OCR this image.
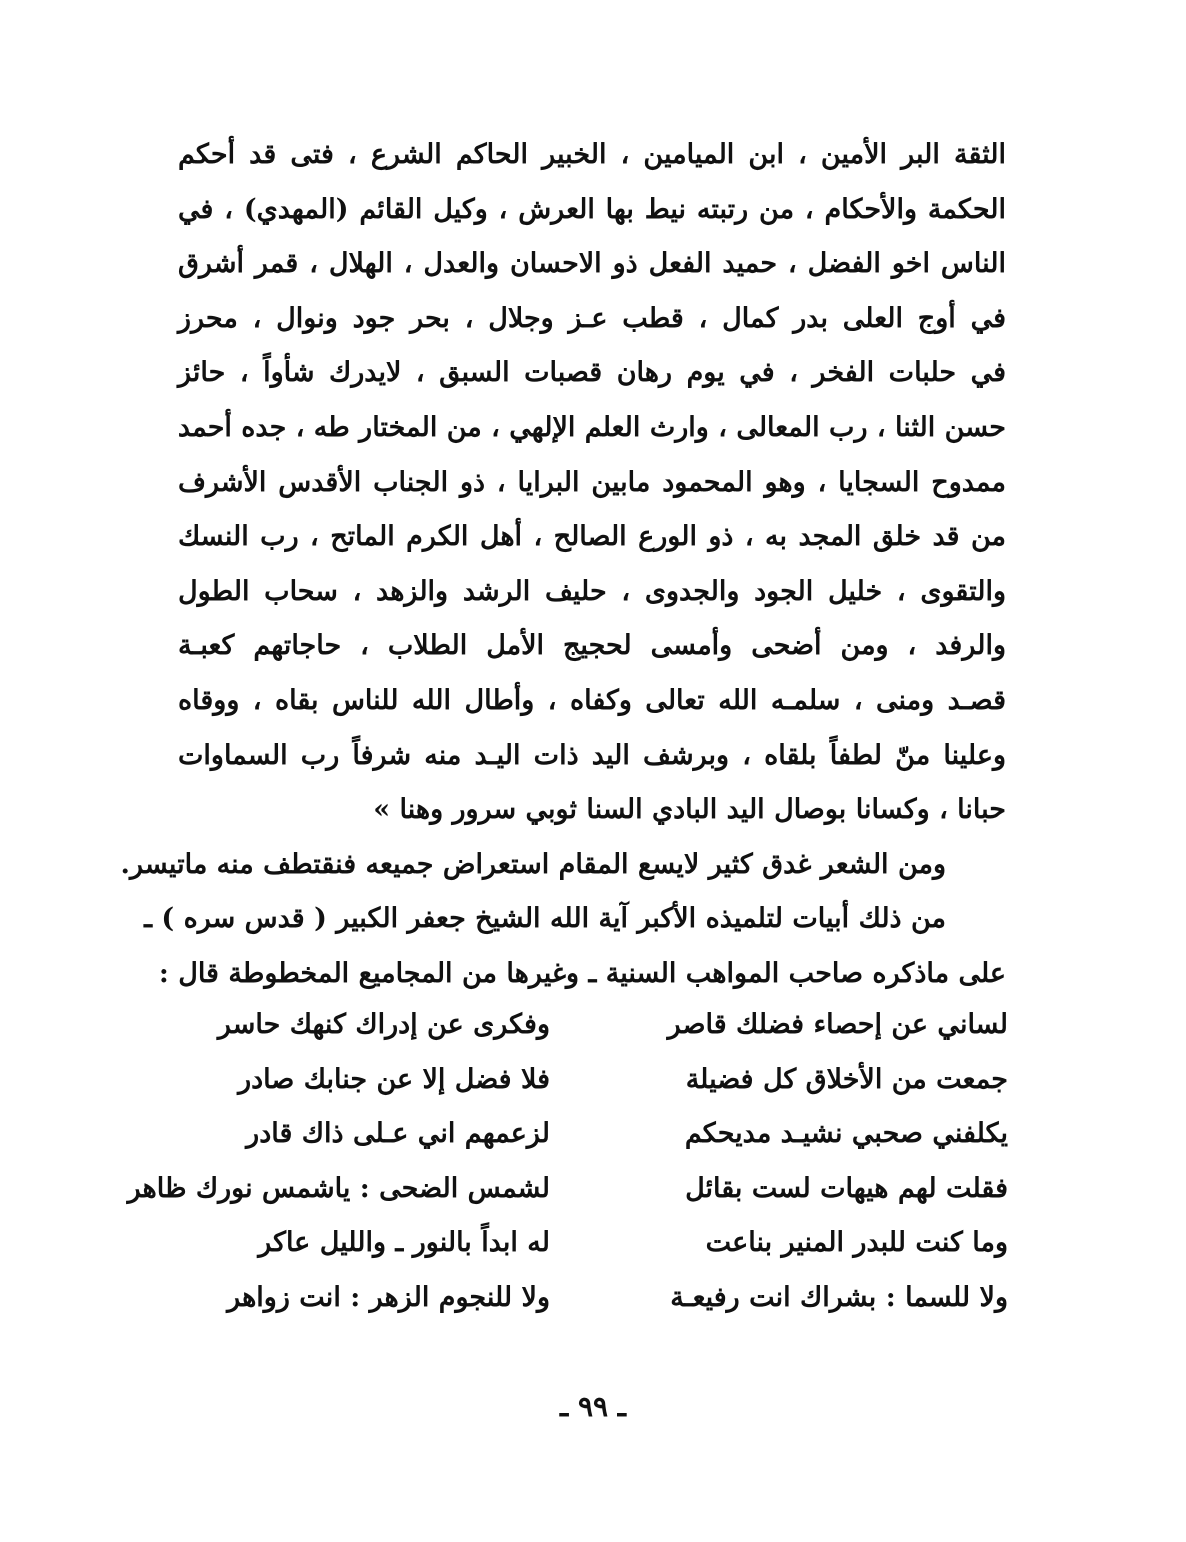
الثقة البر الأمين ، ابن الميامين ، الخبير الحاكم الشرع ، فتى قد أحكم
الحكمة والأحكام ، من رتبته نيط بها العرش ، وكيل القائم (المهدي) ، في
الناس اخو الفضل ، حميد الفعل ذو الاحسان والعدل ، الهلال ، قمر أشرق
في أوج العلى بدر كمال ، قطب عـز وجلال ، بحر جود ونوال ، محرز
في حلبات الفخر ، في يوم رهان قصبات السبق ، لايدرك شأواً ، حائز
حسن الثنا ، رب المعالى ، وارث العلم الإلهي ، من المختار طه ، جده أحمد
ممدوح السجايا ، وهو المحمود مابين البرايا ، ذو الجناب الأقدس الأشرف
من قد خلق المجد به ، ذو الورع الصالح ، أهل الكرم الماتح ، رب النسك
والتقوى ، خليل الجود والجدوى ، حليف الرشد والزهد ، سحاب الطول
والرفد ، ومن أضحى وأمسى لحجيج الأمل الطلاب ، حاجاتهم كعبـة
قصـد ومنى ، سلمـه الله تعالى وكفاه ، وأطال الله للناس بقاه ، ووقاه
وعلينا منّ لطفاً بلقاه ، وبرشف اليد ذات اليـد منه شرفاً رب السماوات
حبانا ، وكسانا بوصال اليد البادي السنا ثوبي سرور وهنا »
ومن الشعر غدق كثير لايسع المقام استعراض جميعه فنقتطف منه ماتيسر.
من ذلك أبيات لتلميذه الأكبر آية الله الشيخ جعفر الكبير ( قدس سره ) ـ
على ماذكره صاحب المواهب السنية ـ وغيرها من المجاميع المخطوطة قال :
لساني عن إحصاء فضلك قاصر
وفكرى عن إدراك كنهك حاسر
جمعت من الأخلاق كل فضيلة
فلا فضل إلا عن جنابك صادر
يكلفني صحبي نشيـد مديحكم
لزعمهم اني عـلى ذاك قادر
فقلت لهم هيهات لست بقائل
لشمس الضحى : ياشمس نورك ظاهر
وما كنت للبدر المنير بناعت
له ابداً بالنور ـ والليل عاكر
ولا للسما : بشراك انت رفيعـة
ولا للنجوم الزهر : انت زواهر
ـ ٩٩ ـ
